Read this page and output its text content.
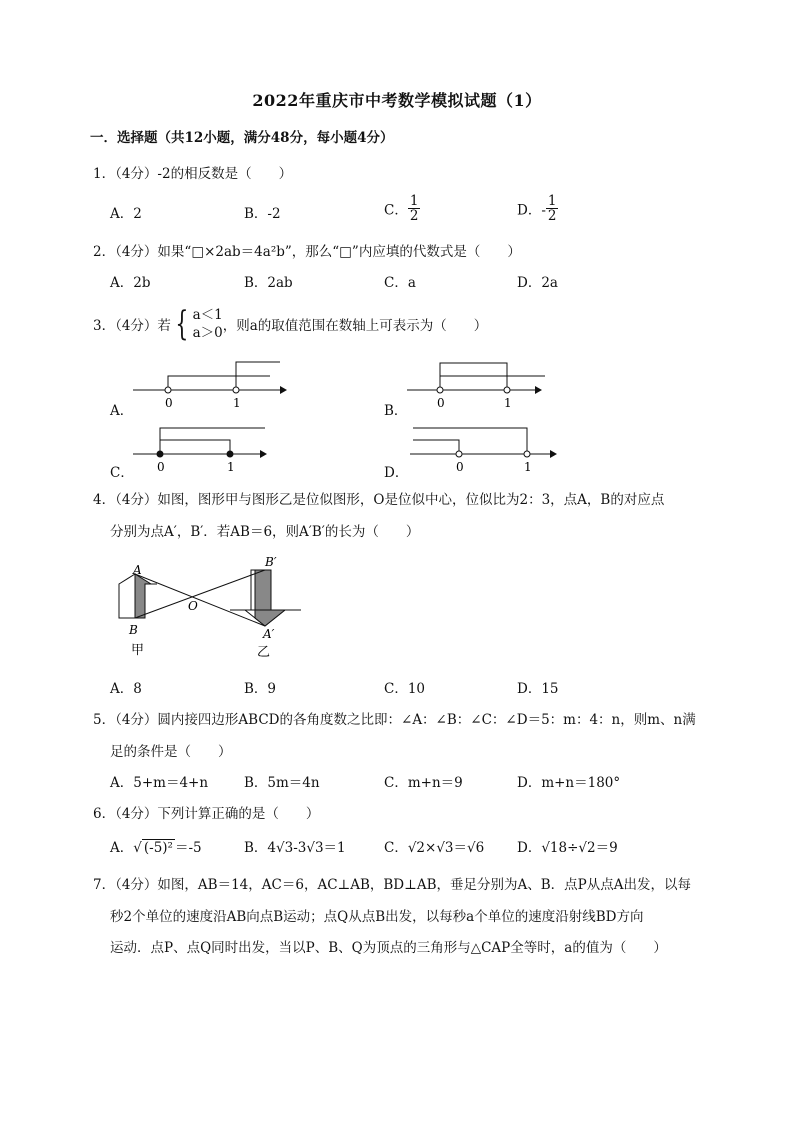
2022年重庆市中考数学模拟试题（1）
一．选择题（共12小题，满分48分，每小题4分）
1．（4分）-2的相反数是（　　）
A．2	B．-2	C． $\frac{1}{2}$	D．- $\frac{1}{2}$
2．（4分）如果“□×2ab＝4a²b”，那么“□”内应填的代数式是（　　）
A．2b	B．2ab	C．a	D．2a
3．（4分）若 { a＜1
a＞0 ，则a的取值范围在数轴上可表示为（　　）
0	1
A．	0	1
B．
0	1
C．	0	1
D．
4．（4分）如图，图形甲与图形乙是位似图形，O是位似中心，位似比为2：3，点A，B的对应点
分别为点A′，B′．若AB＝6，则A′B′的长为（　　）
A
B
O
B′
A′
甲	乙
A．8	B．9	C．10	D．15
5．（4分）圆内接四边形ABCD的各角度数之比即：∠A：∠B：∠C：∠D＝5：m：4：n，则m、n满
足的条件是（　　）
A．5+m＝4+n	B．5m＝4n	C．m+n＝9	D．m+n＝180°
6．（4分）下列计算正确的是（　　）
A．√ (-5)² ＝-5	B．4√3-3√3＝1	C．√2×√3＝√6 D．√18÷√2＝9
7．（4分）如图，AB＝14，AC＝6，AC⊥AB，BD⊥AB，垂足分别为A、B．点P从点A出发，以每
秒2个单位的速度沿AB向点B运动；点Q从点B出发，以每秒a个单位的速度沿射线BD方向
运动．点P、点Q同时出发，当以P、B、Q为顶点的三角形与△CAP全等时，a的值为（　　）
